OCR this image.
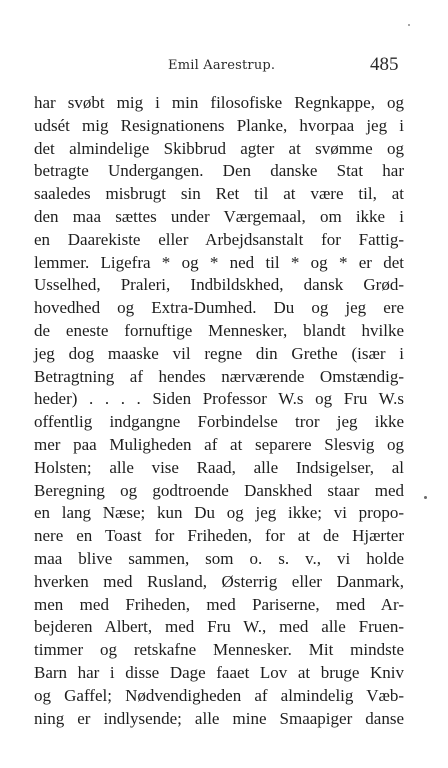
Emil Aarestrup.	485
har svøbt mig i min filosofiske Regnkappe, og
udsét mig Resignationens Planke, hvorpaa jeg i
det almindelige Skibbrud agter at svømme og
betragte Undergangen. Den danske Stat har
saaledes misbrugt sin Ret til at være til, at
den maa sættes under Værgemaal, om ikke i
en Daarekiste eller Arbejdsanstalt for Fattig-
lemmer. Ligefra * og * ned til * og * er det
Usselhed, Praleri, Indbildskhed, dansk Grød-
hovedhed og Extra-Dumhed. Du og jeg ere
de eneste fornuftige Mennesker, blandt hvilke
jeg dog maaske vil regne din Grethe (især i
Betragtning af hendes nærværende Omstændig-
heder) . . . . Siden Professor W.s og Fru W.s
offentlig indgangne Forbindelse tror jeg ikke
mer paa Muligheden af at separere Slesvig og
Holsten; alle vise Raad, alle Indsigelser, al
Beregning og godtroende Danskhed staar med
en lang Næse; kun Du og jeg ikke; vi propo-
nere en Toast for Friheden, for at de Hjærter
maa blive sammen, som o. s. v., vi holde
hverken med Rusland, Østerrig eller Danmark,
men med Friheden, med Pariserne, med Ar-
bejderen Albert, med Fru W., med alle Fruen-
timmer og retskafne Mennesker. Mit mindste
Barn har i disse Dage faaet Lov at bruge Kniv
og Gaffel; Nødvendigheden af almindelig Væb-
ning er indlysende; alle mine Smaapiger danse
